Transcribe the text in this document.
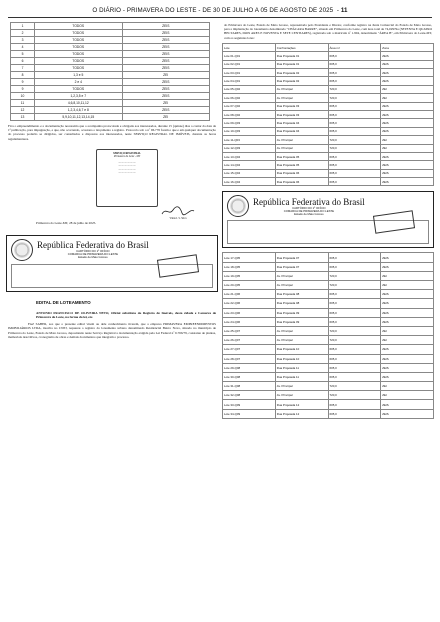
O DIÁRIO - PRIMAVERA DO LESTE - DE 30 DE JULHO A 05 DE AGOSTO DE 2025  - 11
1	TODOS	ZEIS
2	TODOS	ZEIS
3	TODOS	ZEIS
4	TODOS	ZEIS
5	TODOS	ZEIS
6	TODOS	ZEIS
7	TODOS	ZEIS
8	1,3 e 5	ZEI
9	2 e 4	ZEIS
9	TODOS	ZEIS
10	1,2,3,5 e 7	ZEIS
11	4,6,8,10,11,12	ZEI
12	1,2,3,4,6,7 e 8	ZEIS
13	5,9,10,11,12,13,14,15	ZEI

Fica o empreendimento e a documentação necessária que o acompanha protocolada e obrigada aos interessados, durante 15 (quinze) dias a contar da data da 1ª publicação, para impugnação, e que, não ocorrendo, ocasiona o lançamento a registro. Protocolo sob o nº 96.776 foram e que e em qualquer documentação do processo poderão se dirigidos, ser consultados e dispostos aos interessados, neste SERVIÇO REGISTRAL DE IMÓVEIS, durante as horas regulamentares.

SERVIÇO REGISTRAL
Primavera do Leste - MT
— — — — — —
— — — — — —
— — — — — —
— — — — — —
Vânia I. S. Silva
Primavera do Leste-MT, 28 de julho de 2025.
República Federativa do Brasil
CARTÓRIO DO 1º OFÍCIO
COMARCA DE PRIMAVERA DO LESTE
Estado de Mato Grosso
EDITAL DE LOTEAMENTO

ANTONIO FRANCISCO DE OLIVEIRA NETO, Oficial substituto do Registro de Imóveis, desta cidade e Comarca de Primavera do Leste, na forma da lei, etc.

FAZ SABER, aos que o presente edital virem ou dele conhecimento tiverem, que a empresa PRIMAVERA EMPREENDIMENTOS IMOBILIÁRIOS LTDA, inscrita no CNPJ, requereu o registro do loteamento urbano denominado Residencial Bairro Novo, situado no município de Primavera do Leste, Estado de Mato Grosso, depositando neste Serviço Registral a documentação exigida pela Lei Federal nº 6.766/79, constante de plantas, memoriais descritivos, cronograma de obras e demais documentos que integram o processo.

do Primavera do Leste, Estado de Mato Grosso, representada pelo Presidente e Diretor, conforme registro na Junta Comercial do Estado de Mato Grosso, para a implantação do loteamento denominado "CHÁCARA BARRE", situado em Primavera do Leste, com área total de 74,0297ha (SETENTA E QUATRO HECTARES, DOIS ARES E NOVENTA E SETE CENTIARES), registrada sob a matrícula nº 1.904, denominado "ÁREA B", em Primavera do Leste-MT, com os seguintes lotes:

Lote	Confrontações	Área m²	Zona
Lote 01-Q01	Rua Projetada 01	605,0	ZEIS
Lote 02-Q01	Rua Projetada 01	605,0	ZEIS
Lote 03-Q01	Rua Projetada 02	605,0	ZEIS
Lote 04-Q01	Rua Projetada 02	605,0	ZEIS
Lote 05-Q02	Av. Principal	720,0	ZEI
Lote 06-Q02	Av. Principal	720,0	ZEI
Lote 07-Q02	Rua Projetada 03	605,0	ZEIS
Lote 08-Q02	Rua Projetada 03	605,0	ZEIS
Lote 09-Q03	Rua Projetada 04	605,0	ZEIS
Lote 10-Q03	Rua Projetada 04	605,0	ZEIS
Lote 11-Q03	Av. Principal	720,0	ZEI
Lote 12-Q03	Av. Principal	720,0	ZEI
Lote 13-Q04	Rua Projetada 05	605,0	ZEIS
Lote 14-Q04	Rua Projetada 05	605,0	ZEIS
Lote 15-Q04	Rua Projetada 06	605,0	ZEIS
Lote 16-Q04	Rua Projetada 06	605,0	ZEIS
República Federativa do Brasil
CARTÓRIO DO 1º OFÍCIO
COMARCA DE PRIMAVERA DO LESTE
Estado de Mato Grosso
Lote 17-Q05	Rua Projetada 07	605,0	ZEIS
Lote 18-Q05	Rua Projetada 07	605,0	ZEIS
Lote 19-Q05	Av. Principal	720,0	ZEI
Lote 20-Q05	Av. Principal	720,0	ZEI
Lote 21-Q06	Rua Projetada 08	605,0	ZEIS
Lote 22-Q06	Rua Projetada 08	605,0	ZEIS
Lote 23-Q06	Rua Projetada 09	605,0	ZEIS
Lote 24-Q06	Rua Projetada 09	605,0	ZEIS
Lote 25-Q07	Av. Principal	720,0	ZEI
Lote 26-Q07	Av. Principal	720,0	ZEI
Lote 27-Q07	Rua Projetada 10	605,0	ZEIS
Lote 28-Q07	Rua Projetada 10	605,0	ZEIS
Lote 29-Q08	Rua Projetada 11	605,0	ZEIS
Lote 30-Q08	Rua Projetada 11	605,0	ZEIS
Lote 31-Q08	Av. Principal	720,0	ZEI
Lote 32-Q08	Av. Principal	720,0	ZEI
Lote 33-Q09	Rua Projetada 12	605,0	ZEIS
Lote 34-Q09	Rua Projetada 12	605,0	ZEIS
